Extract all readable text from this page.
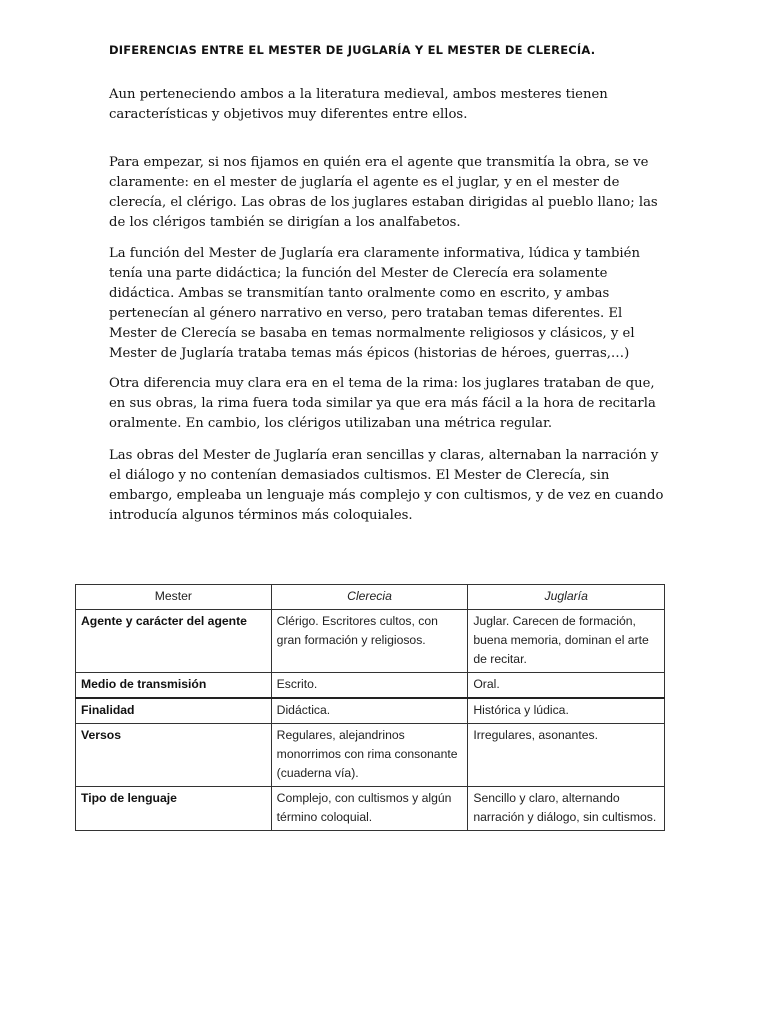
DIFERENCIAS ENTRE EL MESTER DE JUGLARÍA Y EL MESTER DE CLERECÍA.

Aun perteneciendo ambos a la literatura medieval, ambos mesteres tienen características y objetivos muy diferentes entre ellos.

Para empezar, si nos fijamos en quién era el agente que transmitía la obra, se ve claramente: en el mester de juglaría el agente es el juglar, y en el mester de clerecía, el clérigo. Las obras de los juglares estaban dirigidas al pueblo llano; las de los clérigos también se dirigían a los analfabetos.

La función del Mester de Juglaría era claramente informativa, lúdica y también tenía una parte didáctica; la función del Mester de Clerecía era solamente didáctica. Ambas se transmitían tanto oralmente como en escrito, y ambas pertenecían al género narrativo en verso, pero trataban temas diferentes. El Mester de Clerecía se basaba en temas normalmente religiosos y clásicos, y el Mester de Juglaría trataba temas más épicos (historias de héroes, guerras,…)

Otra diferencia muy clara era en el tema de la rima: los juglares trataban de que, en sus obras, la rima fuera toda similar ya que era más fácil a la hora de recitarla oralmente. En cambio, los clérigos utilizaban una métrica regular.

Las obras del Mester de Juglaría eran sencillas y claras, alternaban la narración y el diálogo y no contenían demasiados cultismos. El Mester de Clerecía, sin embargo, empleaba un lenguaje más complejo y con cultismos, y de vez en cuando introducía algunos términos más coloquiales.

Mester	Clerecia	Juglaría
Agente y carácter del agente	Clérigo. Escritores cultos, con gran formación y religiosos.	Juglar. Carecen de formación, buena memoria, dominan el arte de recitar.
Medio de transmisión	Escrito.	Oral.
Finalidad	Didáctica.	Histórica y lúdica.
Versos	Regulares, alejandrinos monorrimos con rima consonante (cuaderna vía).	Irregulares, asonantes.
Tipo de lenguaje	Complejo, con cultismos y algún término coloquial.	Sencillo y claro, alternando narración y diálogo, sin cultismos.
